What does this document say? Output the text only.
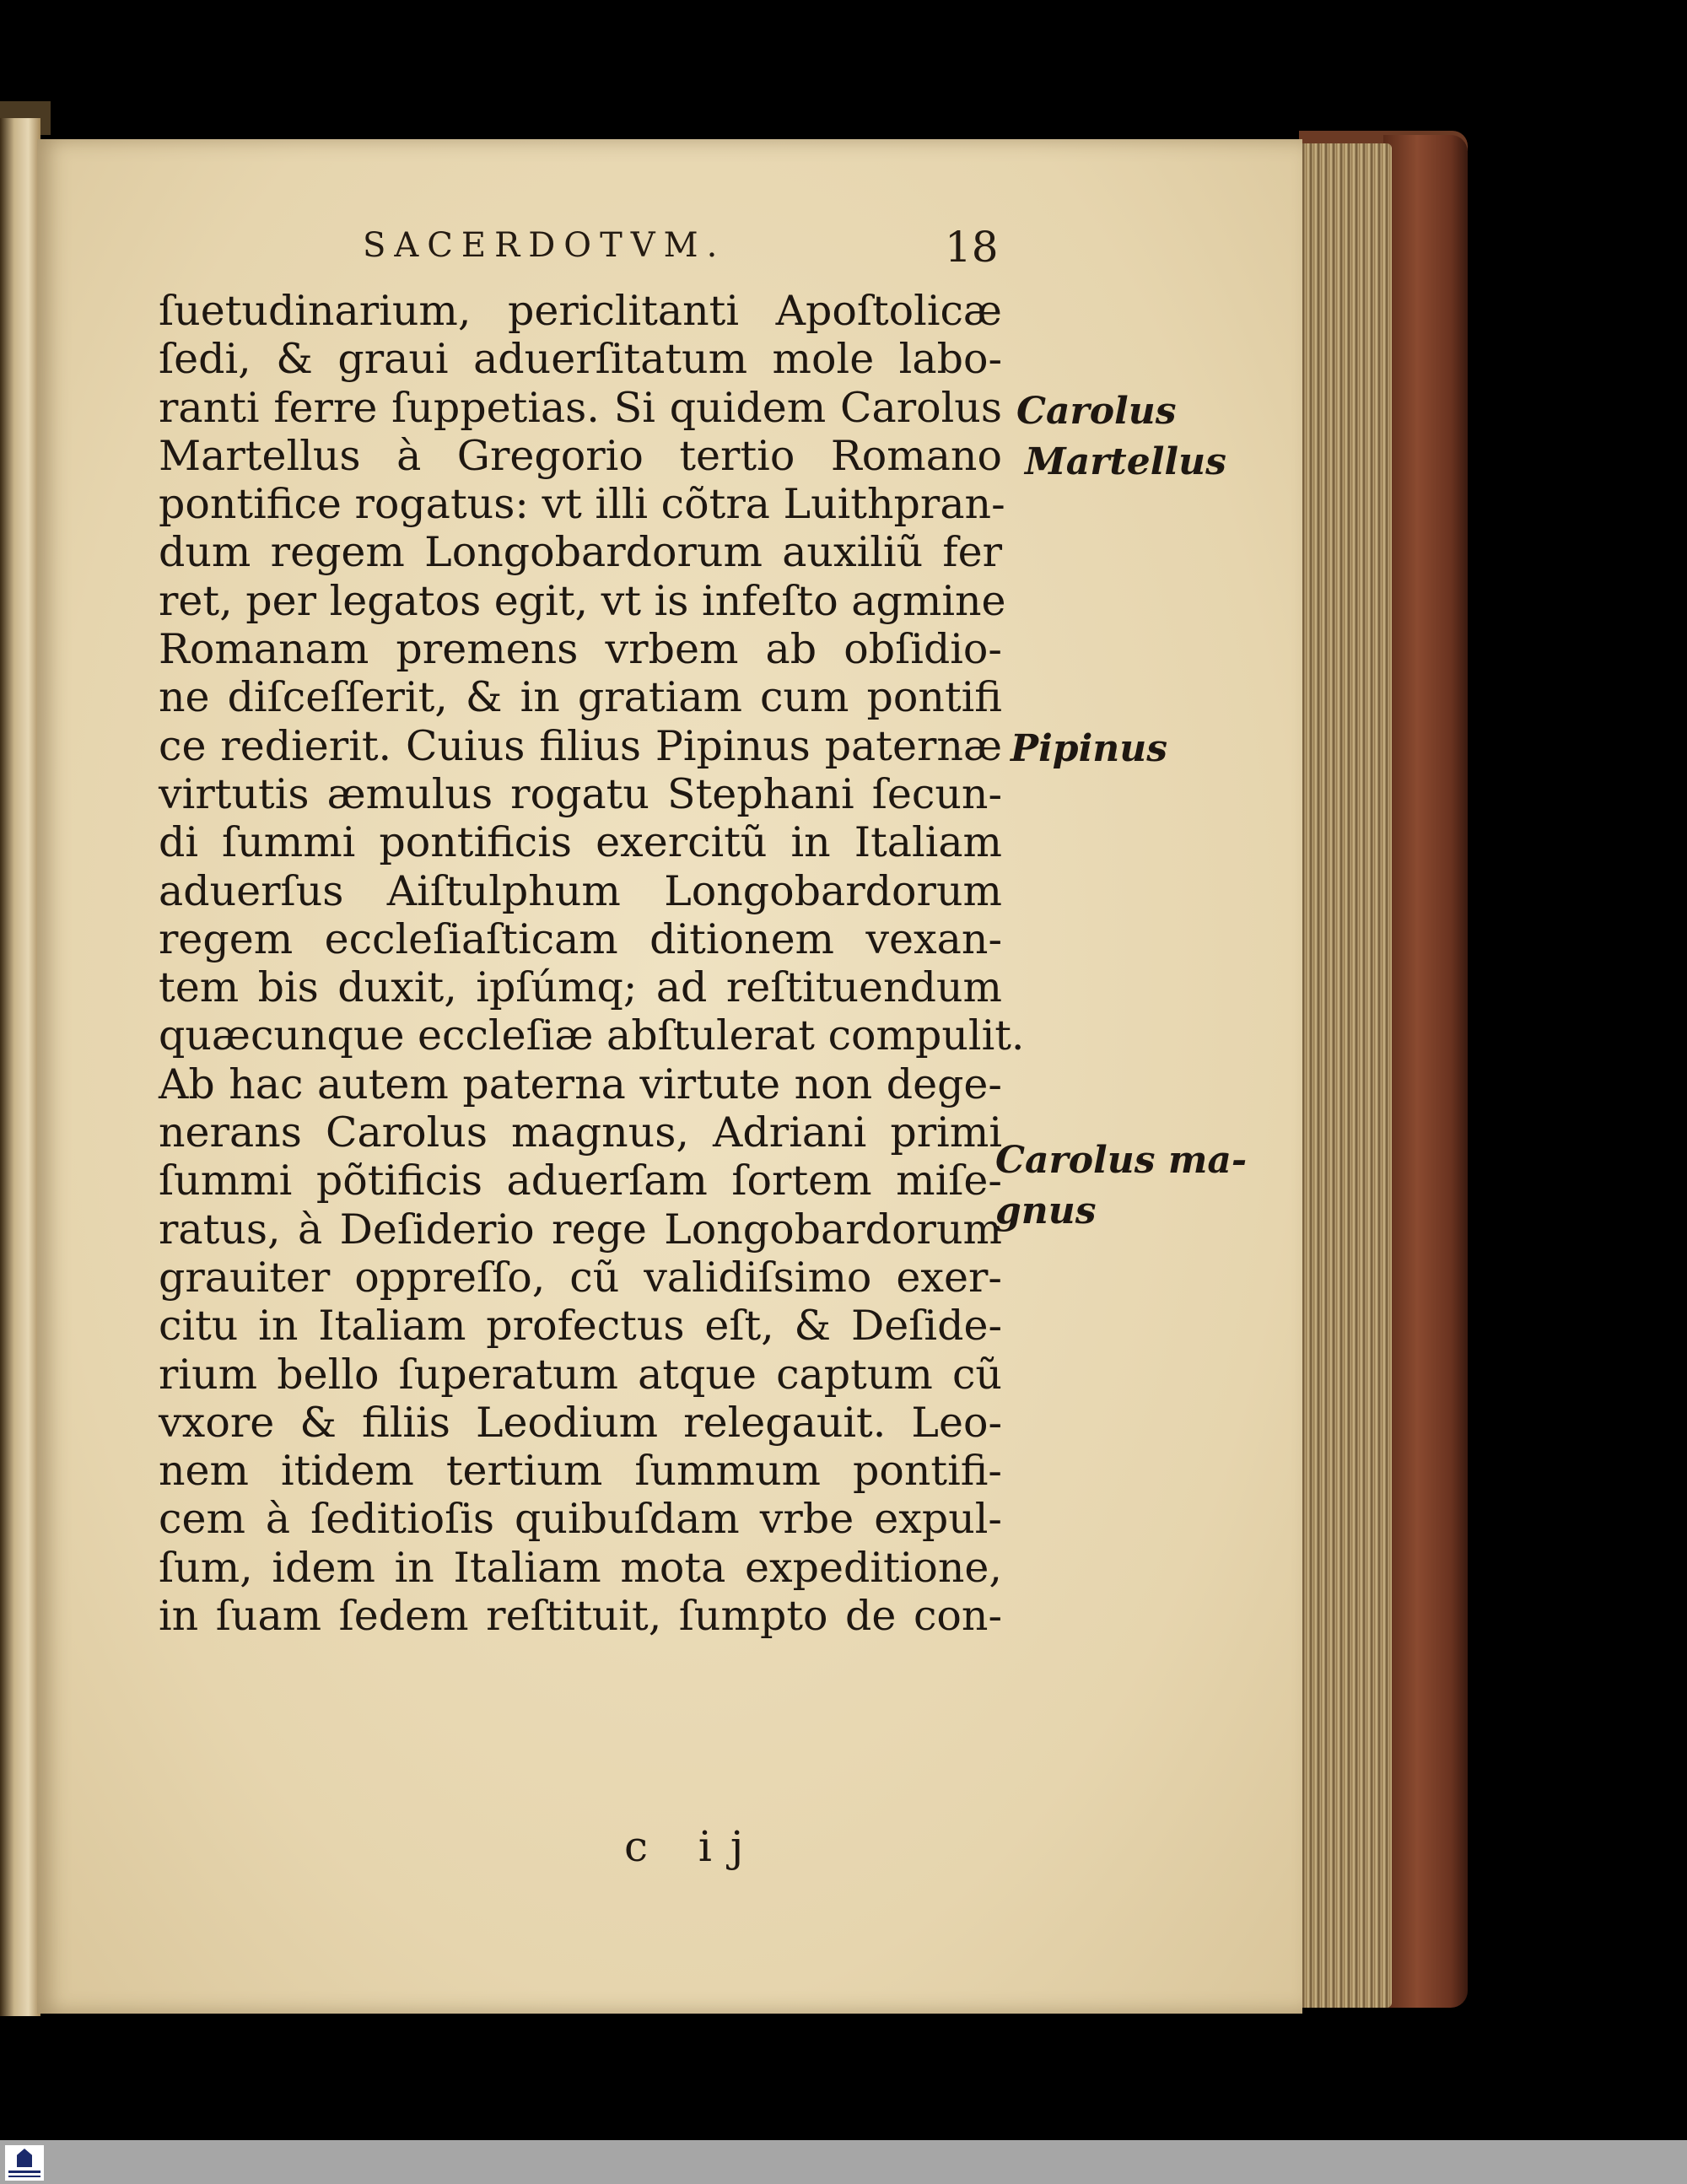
SACERDOTVM.	18
ſuetudinarium, periclitanti Apoſtolicæ
ſedi, & graui aduerſitatum mole labo-
ranti ferre ſuppetias. Si quidem Carolus
Martellus à Gregorio tertio Romano
pontifice rogatus: vt illi cõtra Luithpran-
dum regem Longobardorum auxiliũ fer
ret, per legatos egit, vt is infeſto agmine
Romanam premens vrbem ab obſidio-
ne diſceſſerit, & in gratiam cum pontifi
ce redierit. Cuius filius Pipinus paternæ
virtutis æmulus rogatu Stephani ſecun-
di ſummi pontificis exercitũ in Italiam
aduerſus Aiſtulphum Longobardorum
regem eccleſiaſticam ditionem vexan-
tem bis duxit, ipſúmq; ad reſtituendum
quæcunque eccleſiæ abſtulerat compulit.
Ab hac autem paterna virtute non dege-
nerans Carolus magnus, Adriani primi
ſummi põtificis aduerſam ſortem miſe-
ratus, à Deſiderio rege Longobardorum
grauiter oppreſſo, cũ validiſsimo exer-
citu in Italiam profectus eſt, & Deſide-
rium bello ſuperatum atque captum cũ
vxore & filiis Leodium relegauit. Leo-
nem itidem tertium ſummum pontifi-
cem à ſeditioſis quibuſdam vrbe expul-
ſum, idem in Italiam mota expeditione,
in ſuam ſedem reſtituit, ſumpto de con-
c ij
Carolus
Martellus
Pipinus
Carolus ma-
gnus
